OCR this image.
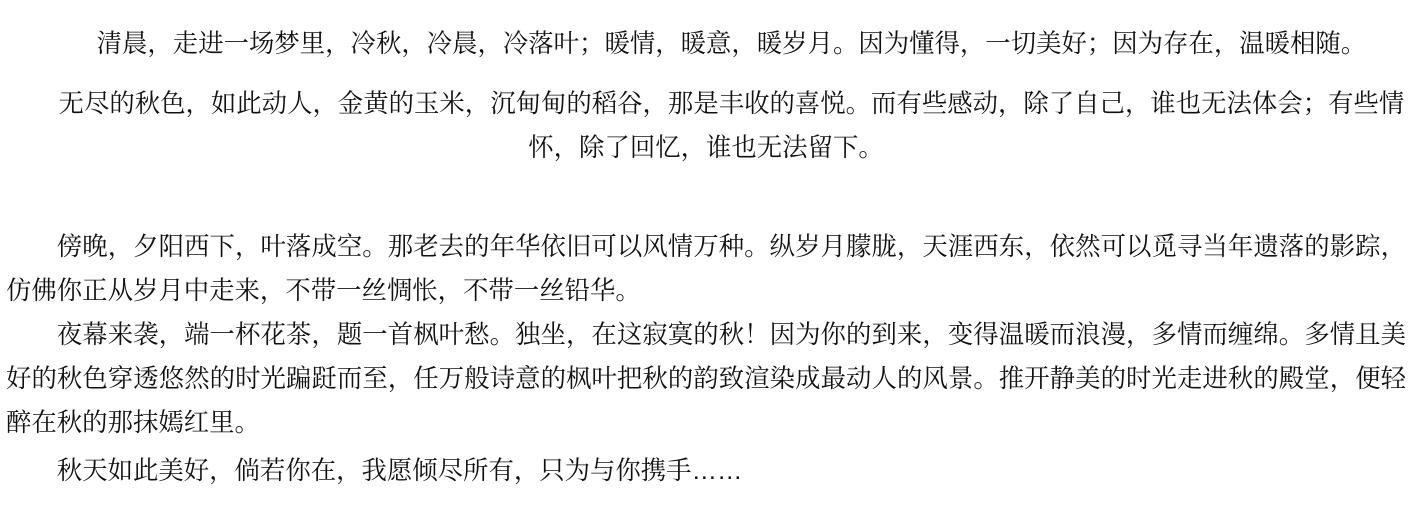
清晨，走进一场梦里，冷秋，冷晨，冷落叶；暖情，暖意，暖岁月。因为懂得，一切美好；因为存在，温暖相随。

无尽的秋色，如此动人，金黄的玉米，沉甸甸的稻谷，那是丰收的喜悦。而有些感动，除了自己，谁也无法体会；有些情怀，除了回忆，谁也无法留下。

傍晚，夕阳西下，叶落成空。那老去的年华依旧可以风情万种。纵岁月朦胧，天涯西东，依然可以觅寻当年遗落的影踪，仿佛你正从岁月中走来，不带一丝惆怅，不带一丝铅华。

夜幕来袭，端一杯花茶，题一首枫叶愁。独坐，在这寂寞的秋！因为你的到来，变得温暖而浪漫，多情而缠绵。多情且美好的秋色穿透悠然的时光蹁跹而至，任万般诗意的枫叶把秋的韵致渲染成最动人的风景。推开静美的时光走进秋的殿堂，便轻醉在秋的那抹嫣红里。

秋天如此美好，倘若你在，我愿倾尽所有，只为与你携手……
